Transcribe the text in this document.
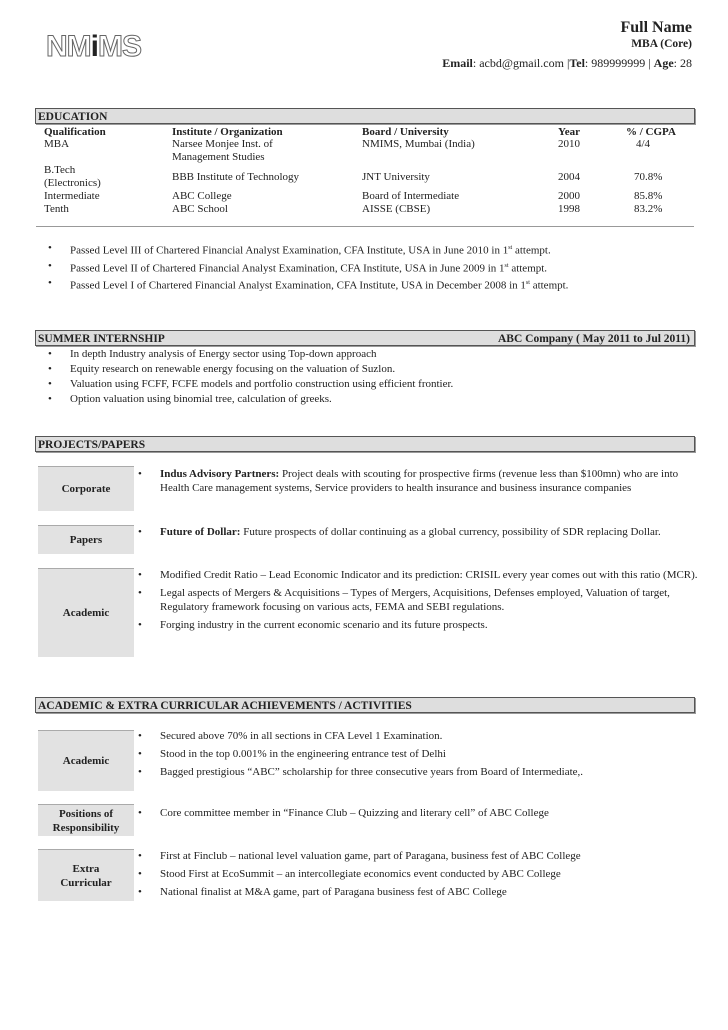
NMiMS
Full Name
MBA (Core)
Email: acbd@gmail.com |Tel: 989999999 | Age: 28
EDUCATION
Qualification	Institute / Organization	Board / University	Year	% / CGPA
MBA	Narsee Monjee Inst. of Management Studies	NMIMS, Mumbai (India)	2010	4/4
B.Tech (Electronics)	BBB Institute of Technology	JNT University	2004	70.8%
Intermediate	ABC College	Board of Intermediate	2000	85.8%
Tenth	ABC School	AISSE (CBSE)	1998	83.2%
• Passed Level III of Chartered Financial Analyst Examination, CFA Institute, USA in June 2010 in 1st attempt.
• Passed Level II of Chartered Financial Analyst Examination, CFA Institute, USA in June 2009 in 1st attempt.
• Passed Level I of Chartered Financial Analyst Examination, CFA Institute, USA in December 2008 in 1st attempt.
SUMMER INTERNSHIP	ABC Company ( May 2011 to Jul 2011)
• In depth Industry analysis of Energy sector using Top-down approach
• Equity research on renewable energy focusing on the valuation of Suzlon.
• Valuation using FCFF, FCFE models and portfolio construction using efficient frontier.
• Option valuation using binomial tree, calculation of greeks.
PROJECTS/PAPERS
Corporate
• Indus Advisory Partners: Project deals with scouting for prospective firms (revenue less than $100mn) who are into Health Care management systems, Service providers to health insurance and business insurance companies
Papers
• Future of Dollar: Future prospects of dollar continuing as a global currency, possibility of SDR replacing Dollar.
Academic
• Modified Credit Ratio – Lead Economic Indicator and its prediction: CRISIL every year comes out with this ratio (MCR).
• Legal aspects of Mergers & Acquisitions – Types of Mergers, Acquisitions, Defenses employed, Valuation of target, Regulatory framework focusing on various acts, FEMA and SEBI regulations.
• Forging industry in the current economic scenario and its future prospects.
ACADEMIC & EXTRA CURRICULAR ACHIEVEMENTS / ACTIVITIES
Academic
• Secured above 70% in all sections in CFA Level 1 Examination.
• Stood in the top 0.001% in the engineering entrance test of Delhi
• Bagged prestigious “ABC” scholarship for three consecutive years from Board of Intermediate,.
Positions of Responsibility
• Core committee member in “Finance Club – Quizzing and literary cell” of ABC College
Extra Curricular
• First at Finclub – national level valuation game, part of Paragana, business fest of ABC College
• Stood First at EcoSummit – an intercollegiate economics event conducted by ABC College
• National finalist at M&A game, part of Paragana business fest of ABC College
